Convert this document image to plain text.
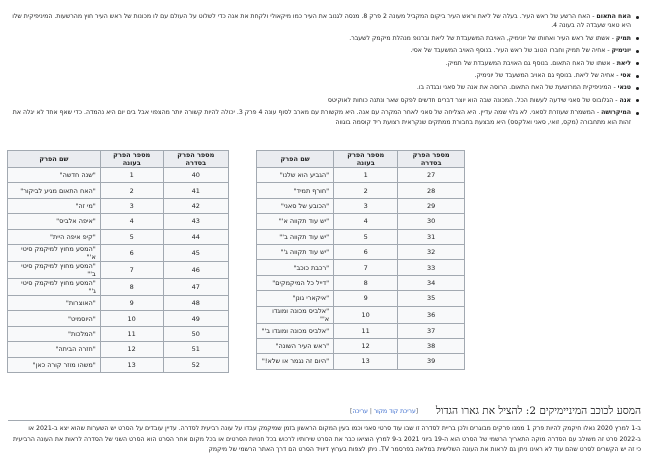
האח התאום - האח הרשע של ראש העיר. בעלה של ליאת וראש העיר ביקום המקביל מעונה 2 פרק 8. מנסה לגנוב את העיר כמו מיקאולי ולקחת את אנה כדי לשלוט על העולם עם לו מכונות של ראש העיר חוץ מהרשעות. המיניפיקית שלו היא טאני שעבדה לה בעונה 4.
תמיק - אשתו של ראש העיר ואחותו של יונימיק, האויבת המשעבדת של ליאת וברנופ מנהלת מיקמק לשעבר.
יונימיק - אחיה של תמיק וחברו הטוב של ראש העיר. בנוסף האויב המשעבד של אסי.
ליאת - אשתו של האח התאום. בנוסף גם האויבת המשעבדת של תמיק.
אסי - אחיה של ליאת. בנוסף גם האויב המשעבד של יונימיק.
טנאי - המיניפיקית המרושעת של האח התאום. הרוסה את אנה של סאני ובגדה בו.
אנה - הגלובוס של סאני שידעה לעשות הכל. המכונה שבה הוא יוצר דברים חדשים לפקס שאר ונתנה כוחות לאוקיטס
המיקרושה - המשמרת שעוזרת לסאני. לא גלוי שמה עדיין. היא הצליחה של סאני לאחר המקרה עם אנה. היא מקשורת עם מארב לסוף עונה 4 פרק 3. יכולה להיות קשורה יותר מהצפוי אבל בים יום היא נהמדה. כדי שאף אחד לא יגלה את זהות הוא מתחבורה (מקס, זואי, סאני ואלקסס) היא מבצעת בחבורת ממתקים שנקראית רצועת ריד קוסמה בוגווה
מספר הפרק בסדרה	מספר הפרק בעונה	שם הפרק
27	1	"הגביע הוא שלנו"
28	2	"חורף תמיד"
29	3	"הכובע של סאני"
30	4	"יש עוד תקווה א'"
31	5	"יש עוד תקווה ב'"
32	6	"יש עוד תקווה ג'"
33	7	"רכבת כוכב"
34	8	"דייל כל המיקמקים"
35	9	"איקארי גונן"
36	10	"אלביס מכונה ומוגדו א'"
37	11	"אלביס מכונה ומוגדו ב'"
38	12	"ראש העיר השונה"
39	13	"היום זה נגמר או שלא!"
מספר הפרק בסדרה	מספר הפרק בעונה	שם הפרק
40	1	"שנה חדשה"
41	2	"האח התאום מגיע לביקור"
42	3	"מי זה"
43	4	"איפה אלביס"
44	5	"קיפ איפה היית"
45	6	"המסע מחוץ למיקמק סיטי א'"
46	7	"המסע מחוץ למיקמק סיטי ב'"
47	8	"המסע מחוץ למיקמק סיטי ג'"
48	9	"האוצרות"
49	10	"היוסמיט"
50	11	"המלכות"
51	12	"חזרה הביתה"
52	13	"משהו מוזר קורה כאן"
המסע לכוכב המיניימיקים 2: להציל את גארו הגדול
[עריכת קוד מקור | עריכה]

ב-1 למרץ 2020 נאלו חיקמק להיות פרק 1 ממנו פרקים מבוגרים ולכן בריית לסדרה זו שבו עוד סרטי סאני וכמו בעין המקום הראשון בזמן שמיקמק עבדו על עונה רביעית לסדרה. עדיין עובדים על הסרט יש השערות שהוא יצא ב-2021 או ב-2022 סרט זה משולב עם הסדרה מוקה התאריך הרשמי של הסרט הוא ה-19 ביוני 2021 ב-9 למרץ הוציאו כבר את הסרט שירותיו לרכוש בכל חנויות הסרטים או בכל מקום אחר הסרט הוא הסרט השני של הסדרה לראות את העונה הרביעית כי זה יש הקשרים לסרט שהם עוד לא ראינו ניתן גם לראות את העונה השלישית במלאה בפרסמר TV. ניתן לצפות בערוץ דיוויד הסרט הם דרך האתר הרשמי של מיקמק
